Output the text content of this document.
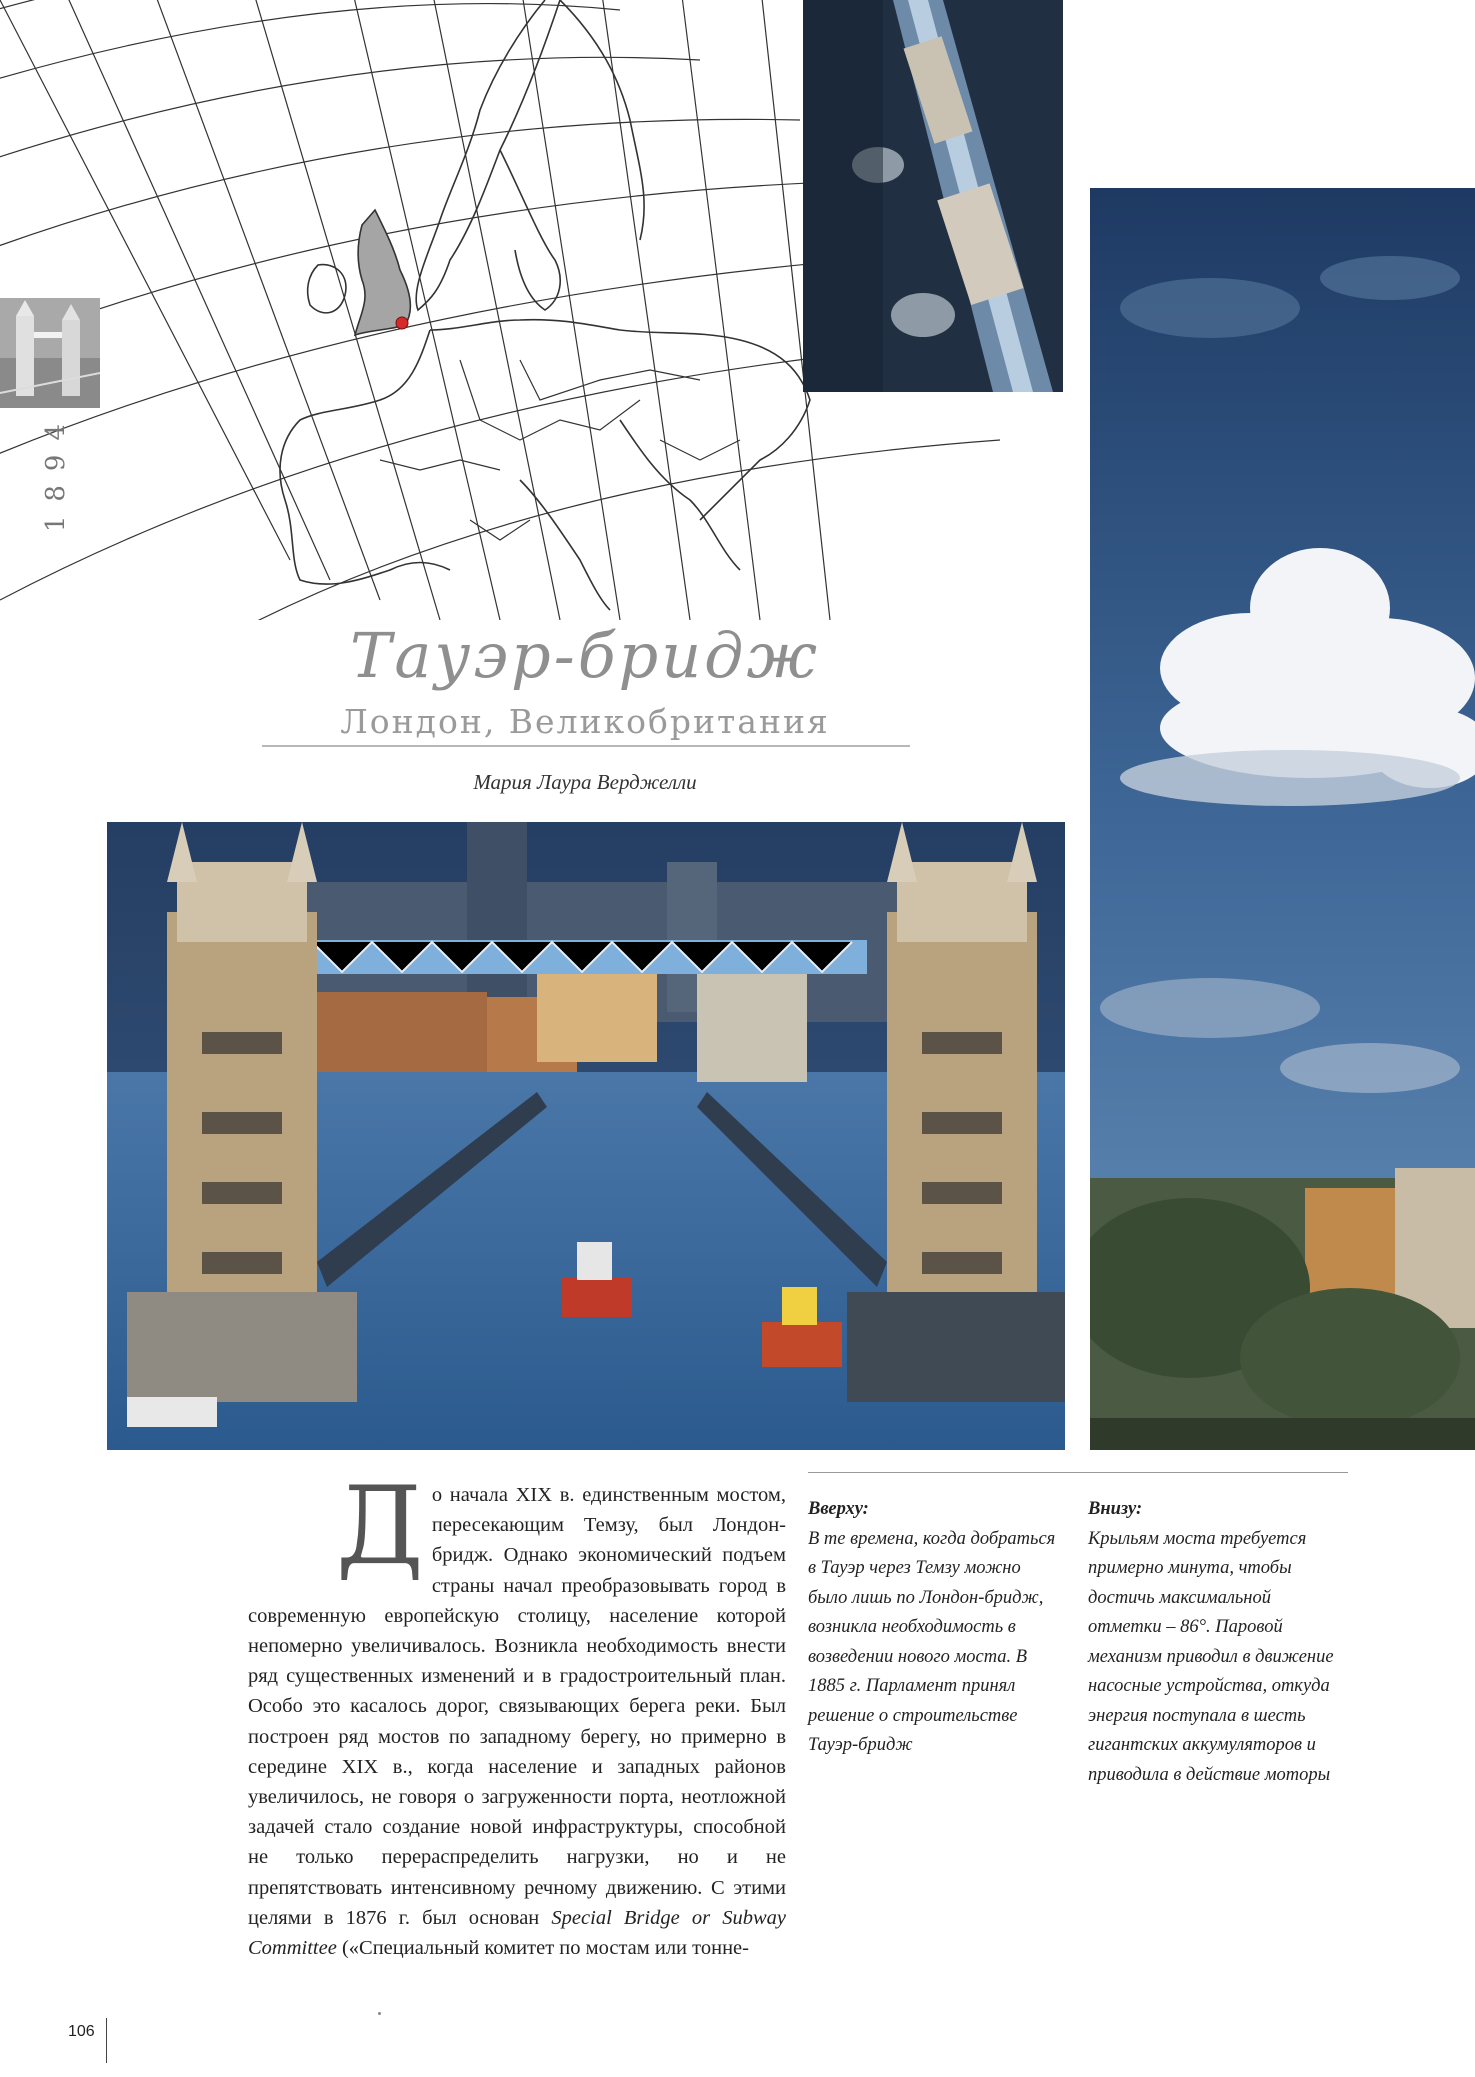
1894
Тауэр-бридж
Лондон, Великобритания
Мария Лаура Верджелли
До начала XIX в. единственным мостом, пересекающим Темзу, был Лондон-бридж. Однако экономический подъем страны начал преобразовывать город в современную европейскую столицу, население которой непомерно увеличивалось. Возникла необходимость внести ряд существенных изменений и в градостроительный план. Особо это касалось дорог, связывающих берега реки. Был построен ряд мостов по западному берегу, но примерно в середине XIX в., когда население и западных районов увеличилось, не говоря о загруженности порта, неотложной задачей стало создание новой инфраструктуры, способной не только перераспределить нагрузки, но и не препятствовать интенсивному речному движению. С этими целями в 1876 г. был основан Special Bridge or Subway Committee («Специальный комитет по мостам или тонне-
Вверху:
В те времена, когда добраться в Тауэр через Темзу можно было лишь по Лондон-бридж, возникла необходимость в возведении нового моста. В 1885 г. Парламент принял решение о строительстве Тауэр-бридж
Внизу:
Крыльям моста требуется примерно минута, чтобы достичь максимальной отметки – 86°. Паровой механизм приводил в движение насосные устройства, откуда энергия поступала в шесть гигантских аккумуляторов и приводила в действие моторы
106
